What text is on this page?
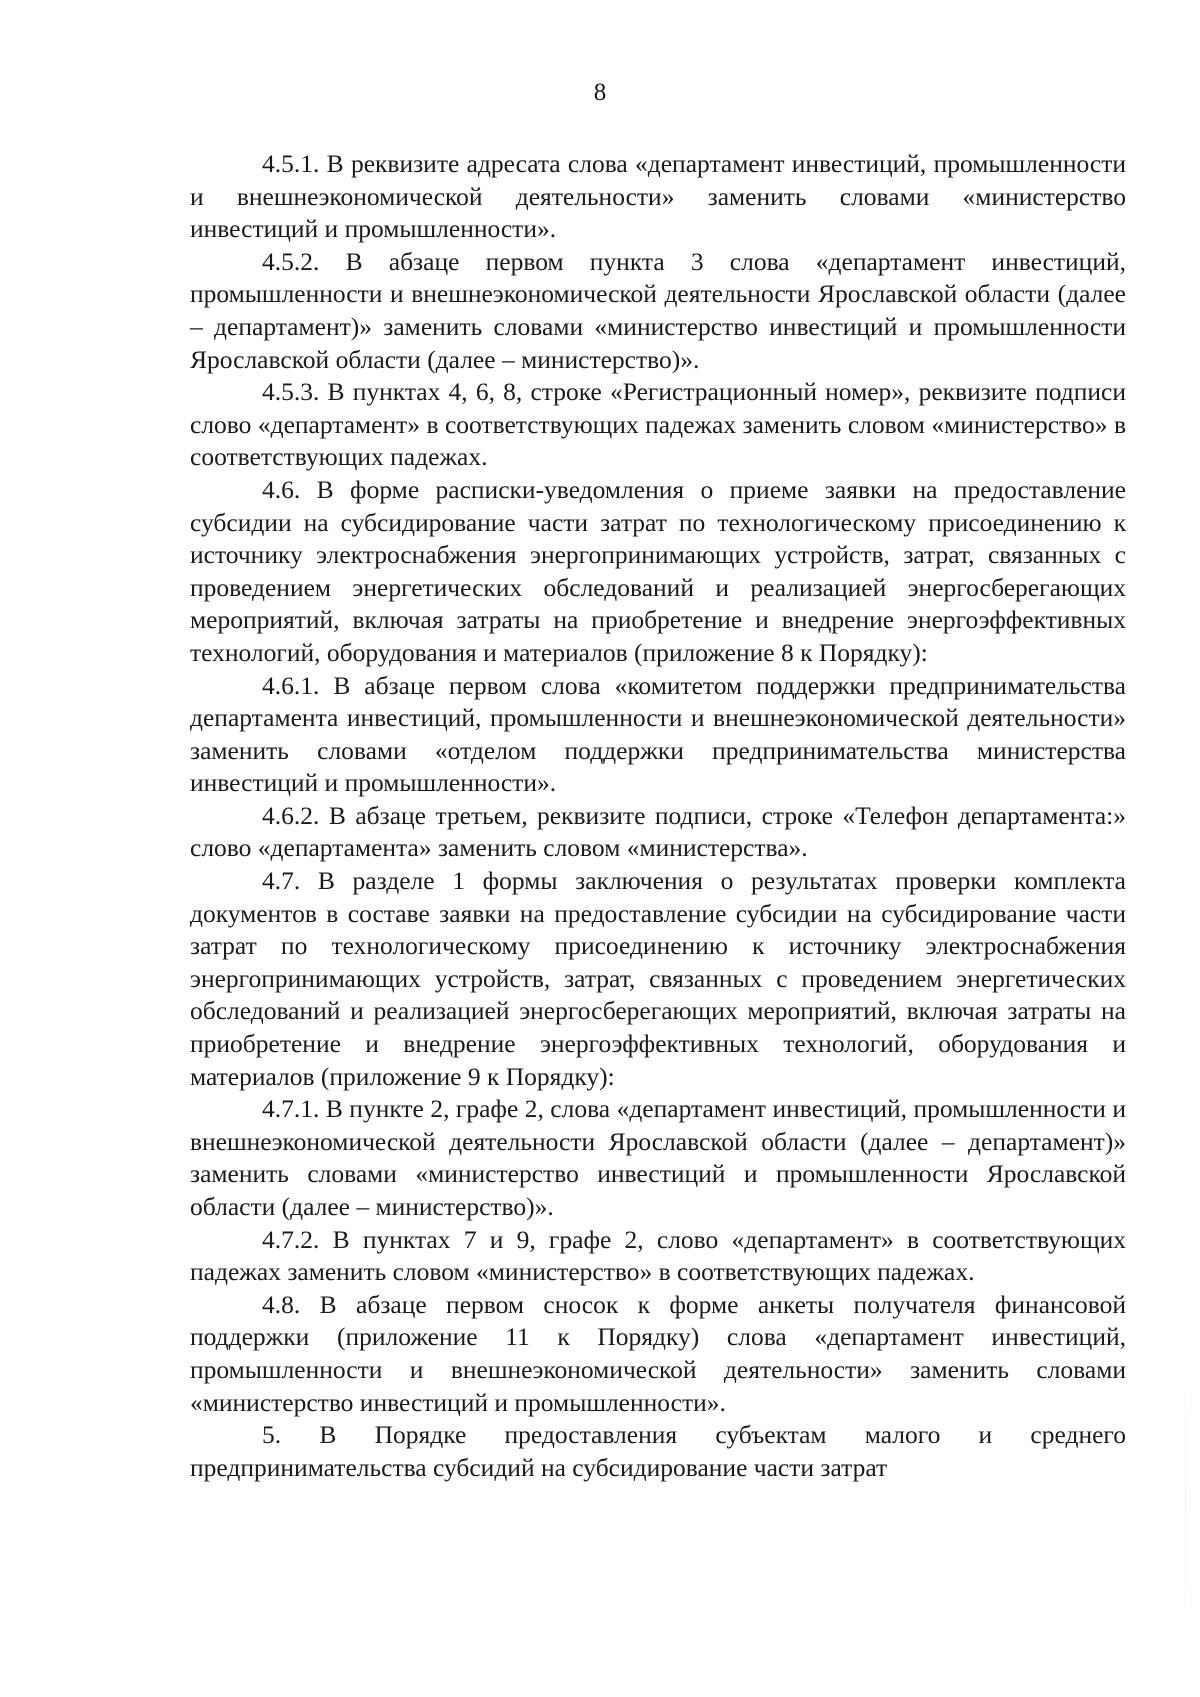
8

4.5.1. В реквизите адресата слова «департамент инвестиций, промышленности и внешнеэкономической деятельности» заменить словами «министерство инвестиций и промышленности».

4.5.2. В абзаце первом пункта 3 слова «департамент инвестиций, промышленности и внешнеэкономической деятельности Ярославской области (далее – департамент)» заменить словами «министерство инвестиций и промышленности Ярославской области (далее – министерство)».

4.5.3. В пунктах 4, 6, 8, строке «Регистрационный номер», реквизите подписи слово «департамент» в соответствующих падежах заменить словом «министерство» в соответствующих падежах.

4.6. В форме расписки-уведомления о приеме заявки на предоставление субсидии на субсидирование части затрат по технологическому присоединению к источнику электроснабжения энергопринимающих устройств, затрат, связанных с проведением энергетических обследований и реализацией энергосберегающих мероприятий, включая затраты на приобретение и внедрение энергоэффективных технологий, оборудования и материалов (приложение 8 к Порядку):

4.6.1. В абзаце первом слова «комитетом поддержки предпринимательства департамента инвестиций, промышленности и внешнеэкономической деятельности» заменить словами «отделом поддержки предпринимательства министерства инвестиций и промышленности».

4.6.2. В абзаце третьем, реквизите подписи, строке «Телефон департамента:» слово «департамента» заменить словом «министерства».

4.7. В разделе 1 формы заключения о результатах проверки комплекта документов в составе заявки на предоставление субсидии на субсидирование части затрат по технологическому присоединению к источнику электроснабжения энергопринимающих устройств, затрат, связанных с проведением энергетических обследований и реализацией энергосберегающих мероприятий, включая затраты на приобретение и внедрение энергоэффективных технологий, оборудования и материалов (приложение 9 к Порядку):

4.7.1. В пункте 2, графе 2, слова «департамент инвестиций, промышленности и внешнеэкономической деятельности Ярославской области (далее – департамент)» заменить словами «министерство инвестиций и промышленности Ярославской области (далее – министерство)».

4.7.2. В пунктах 7 и 9, графе 2, слово «департамент» в соответствующих падежах заменить словом «министерство» в соответствующих падежах.

4.8. В абзаце первом сносок к форме анкеты получателя финансовой поддержки (приложение 11 к Порядку) слова «департамент инвестиций, промышленности и внешнеэкономической деятельности» заменить словами «министерство инвестиций и промышленности».

5. В Порядке предоставления субъектам малого и среднего предпринимательства субсидий на субсидирование части затрат
